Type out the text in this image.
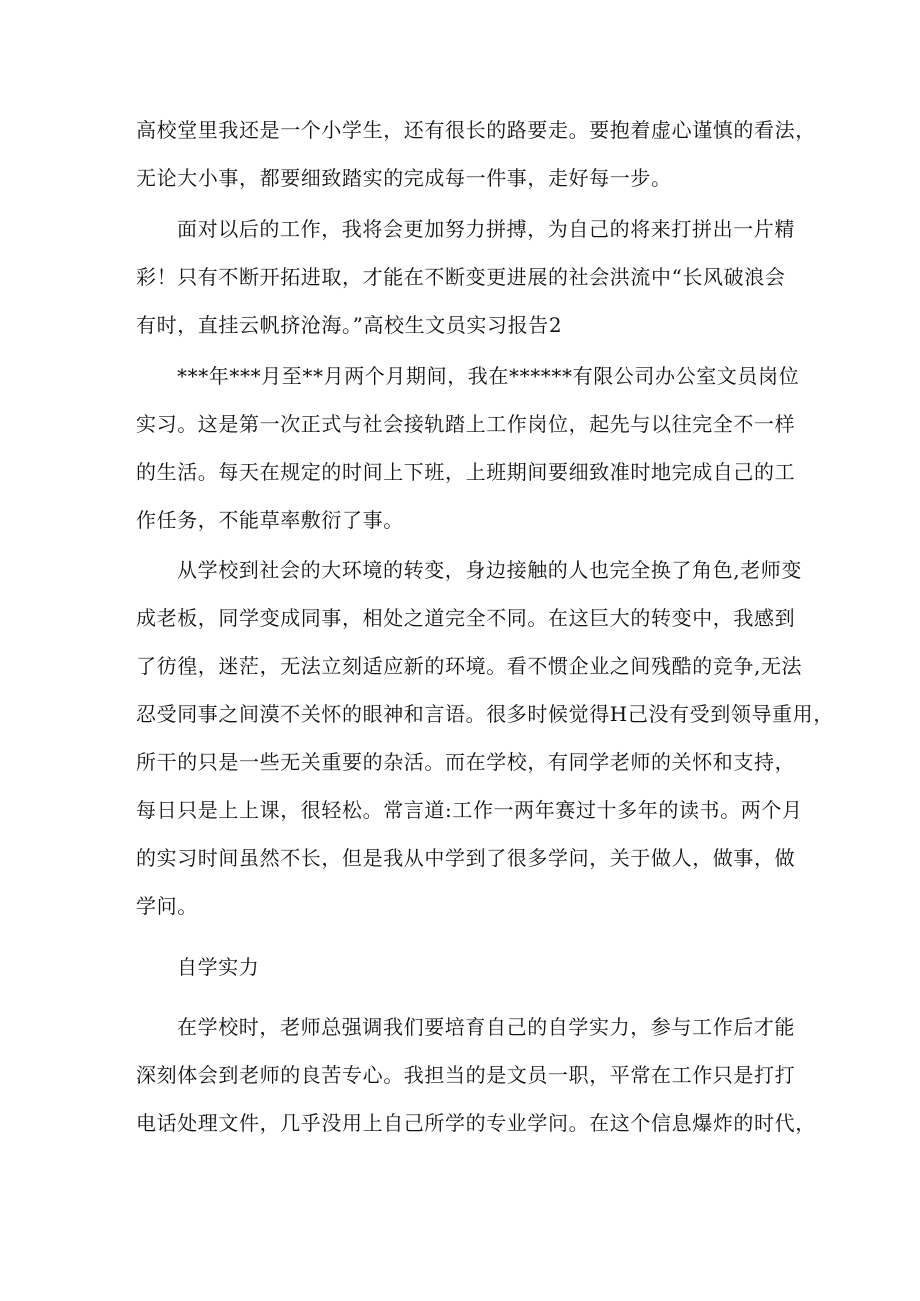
高校堂里我还是一个小学生，还有很长的路要走。要抱着虚心谨慎的看法，
无论大小事，都要细致踏实的完成每一件事，走好每一步。
面对以后的工作，我将会更加努力拼搏，为自己的将来打拼出一片精
彩！只有不断开拓进取，才能在不断变更进展的社会洪流中“长风破浪会
有时，直挂云帆挤沧海。”高校生文员实习报告2
***年***月至**月两个月期间，我在******有限公司办公室文员岗位
实习。这是第一次正式与社会接轨踏上工作岗位，起先与以往完全不一样
的生活。每天在规定的时间上下班，上班期间要细致准时地完成自己的工
作任务，不能草率敷衍了事。
从学校到社会的大环境的转变，身边接触的人也完全换了角色,老师变
成老板，同学变成同事，相处之道完全不同。在这巨大的转变中，我感到
了彷徨，迷茫，无法立刻适应新的环境。看不惯企业之间残酷的竞争,无法
忍受同事之间漠不关怀的眼神和言语。很多时候觉得H己没有受到领导重用，
所干的只是一些无关重要的杂活。而在学校，有同学老师的关怀和支持，
每日只是上上课，很轻松。常言道:工作一两年赛过十多年的读书。两个月
的实习时间虽然不长，但是我从中学到了很多学问，关于做人，做事，做
学问。
自学实力
在学校时，老师总强调我们要培育自己的自学实力，参与工作后才能
深刻体会到老师的良苦专心。我担当的是文员一职，平常在工作只是打打
电话处理文件，几乎没用上自己所学的专业学问。在这个信息爆炸的时代，
